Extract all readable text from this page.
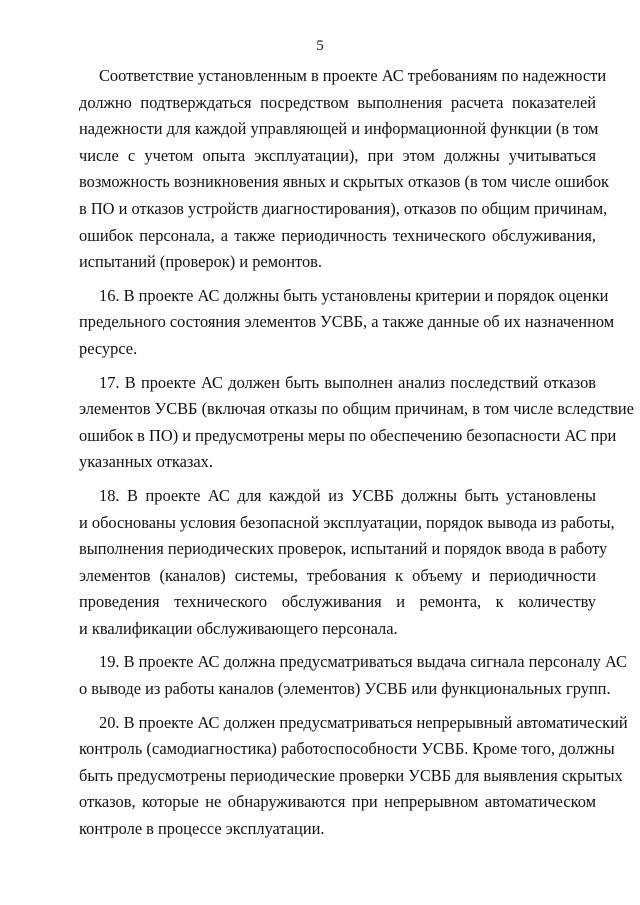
5

Соответствие установленным в проекте АС требованиям по надежности
должно подтверждаться посредством выполнения расчета показателей
надежности для каждой управляющей и информационной функции (в том
числе с учетом опыта эксплуатации), при этом должны учитываться
возможность возникновения явных и скрытых отказов (в том числе ошибок
в ПО и отказов устройств диагностирования), отказов по общим причинам,
ошибок персонала, а также периодичность технического обслуживания,
испытаний (проверок) и ремонтов.

16. В проекте АС должны быть установлены критерии и порядок оценки
предельного состояния элементов УСВБ, а также данные об их назначенном
ресурсе.

17. В проекте АС должен быть выполнен анализ последствий отказов
элементов УСВБ (включая отказы по общим причинам, в том числе вследствие
ошибок в ПО) и предусмотрены меры по обеспечению безопасности АС при
указанных отказах.

18. В проекте АС для каждой из УСВБ должны быть установлены
и обоснованы условия безопасной эксплуатации, порядок вывода из работы,
выполнения периодических проверок, испытаний и порядок ввода в работу
элементов (каналов) системы, требования к объему и периодичности
проведения технического обслуживания и ремонта, к количеству
и квалификации обслуживающего персонала.

19. В проекте АС должна предусматриваться выдача сигнала персоналу АС
о выводе из работы каналов (элементов) УСВБ или функциональных групп.

20. В проекте АС должен предусматриваться непрерывный автоматический
контроль (самодиагностика) работоспособности УСВБ. Кроме того, должны
быть предусмотрены периодические проверки УСВБ для выявления скрытых
отказов, которые не обнаруживаются при непрерывном автоматическом
контроле в процессе эксплуатации.
